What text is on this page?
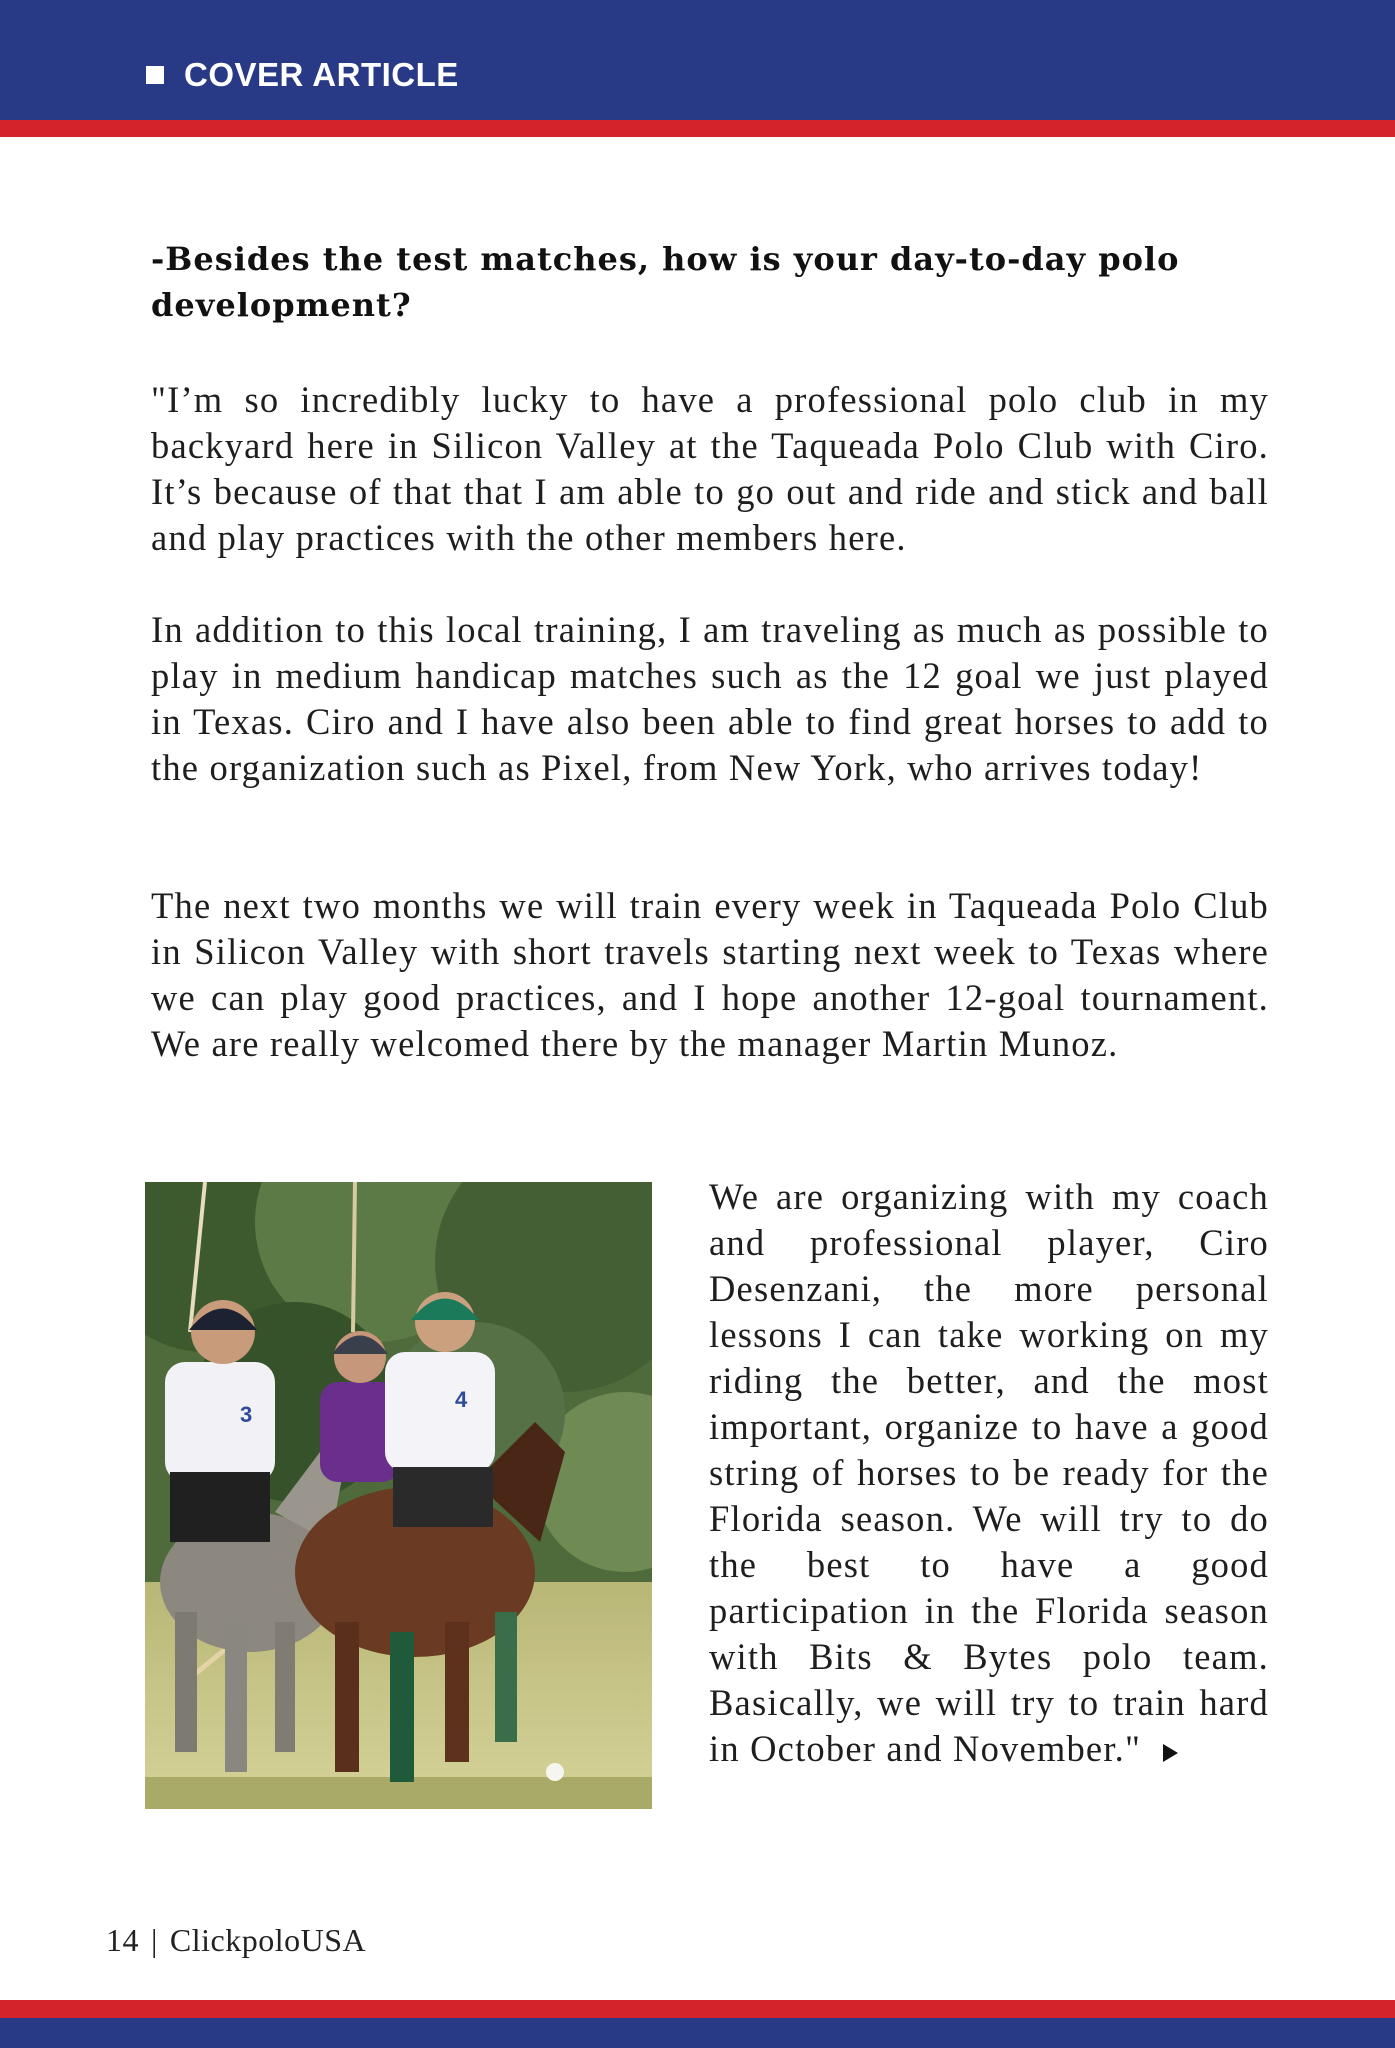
COVER ARTICLE

-Besides the test matches, how is your day-to-day polo development?

"I’m so incredibly lucky to have a professional polo club in my backyard here in Silicon Valley at the Taqueada Polo Club with Ciro. It’s because of that that I am able to go out and ride and stick and ball and play practices with the other members here.

In addition to this local training, I am traveling as much as possible to play in medium handicap matches such as the 12 goal we just played in Texas. Ciro and I have also been able to find great horses to add to the organization such as Pixel, from New York, who arrives today!

The next two months we will train every week in Taqueada Polo Club in Silicon Valley with short travels starting next week to Texas where we can play good practices, and I hope another 12-goal tournament. We are really welcomed there by the manager Martin Munoz.

4
3

We are organizing with my coach and professional player, Ciro Desenzani, the more personal lessons I can take working on my riding the better, and the most important, organize to have a good string of horses to be ready for the Florida season. We will try to do the best to have a good participation in the Florida season with Bits & Bytes polo team. Basically, we will try to train hard in October and November."

14 | ClickpoloUSA
